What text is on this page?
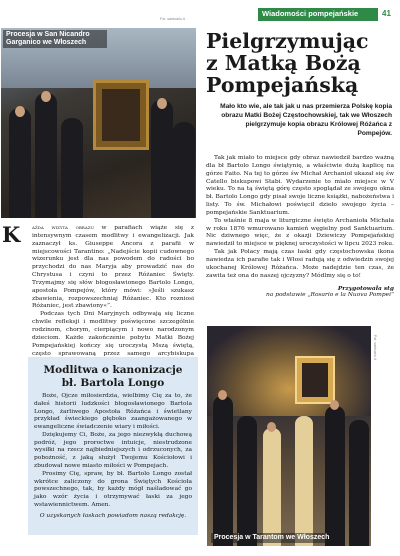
Wiadomości pompejańskie	41
Fot. santuario.it
Procesja w San Nicandro Garganico we Włoszech	Pielgrzymując
z Matką Bożą
Pompejańską
Mało kto wie, ale tak jak u nas przemierza Polskę kopia obrazu Matki Bożej Częstochowskiej, tak we Włoszech pielgrzymuje kopia obrazu Królowej Różańca z Pompejów.

Tak jak miało to miejsce gdy obraz nawiedził bardzo ważną dla bł Bartolo Longo świątynię, a właściwie dużą kaplicę na górze Faito. Na tej to górze św Michał Archanioł ukazał się św Catello biskupowi Stabi. Wydarzenie to miało miejsce w V wieku. To na tą świętą górę często spoglądał ze swojego okna bł. Bartolo Longo gdy pisał swoje liczne książki, nabożeństwa i listy. To św. Michałowi poświęcił dzieło swojego życia – pompejańskie Sanktuarium.

To właśnie 8 maja w liturgiczne święto Archanioła Michała w roku 1876 wmurowano kamień węgielny pod Sanktuarium. Nic dziwnego więc, że z okazji Dziewiczy Pompejańskiej nawiedził to miejsce w pięknej uroczystości w lipcu 2023 roku.

Tak jak Polacy mają czas łaski gdy częstochowska ikona nawiedza ich parafie tak i Włosi radują się z odwiedzin swojej ukochanej Królowej Różańca. Może nadejdzie ten czas, że zawita też ona do naszej ojczyzny? Módlmy się o to!

Przygotowała stg

na podstawie „Rosario e la Nuova Pompei”

K ażda wizyta obrazu w parafiach wiąże się z intensywnym czasem modlitwy i ewangelizacji. Jak zaznaczył ks. Giuseppe Ancora z parafii w miejscowości Tarantino: „Nadejście kopii cudownego wizerunku jest dla nas powodem do radości bo przychodzi do nas Maryja aby prowadzić nas do Chrystusa i czyni to przez Różaniec Święty. Trzymajmy się słów błogosławionego Bartolo Longo, apostoła Pompejów, który mówi: »Jeśli szukasz zbawienia, rozpowszechniaj Różaniec. Kto rozniosi Różaniec, jest zbawiony«”.

Podczas tych Dni Maryjnych odbywają się liczne chwile refleksji i modlitwy poświęcone szczególnie rodzinom, chorym, cierpiącym i nowo narodzonym dzieciom. Każde zakończenie pobytu Matki Bożej Pompejańskiej kończy się uroczystą Mszą świętą, często sprawowaną przez samego arcybiskupa

Modlitwa o kanonizacje
bł. Bartola Longo

Boże, Ojcze miłosierdzia, wielbimy Cię za to, że dałeś historii ludzkości błogosławionego Bartola Longo, żarliwego Apostoła Różańca i świetlany przykład świeckiego głęboko zaangażowanego w ewangeliczne świadczenie wiary i miłości.

Dziękujemy Ci, Boże, za jego niezwykłą duchową podróż, jego proroctwe intuicje, niestrudzone wysiłki na rzecz najbiedniejszych i odrzuconych, za pobożność, z jaką służył Twojemu Kościołowi i zbudował nowe miasto miłości w Pompejach.

Prosimy Cię, spraw, by bł. Bartolo Longo został wkrótce zaliczony do grona Świętych Kościoła powszechnego, tak, by każdy mógł naśladować go jako wzór życia i otrzymywać łaski za jego wstawiennictwem. Amen.

O uzyskanych łaskach powiadom naszą redakcję.

Fot. santuario.it
Procesja w Tarantom we Włoszech
